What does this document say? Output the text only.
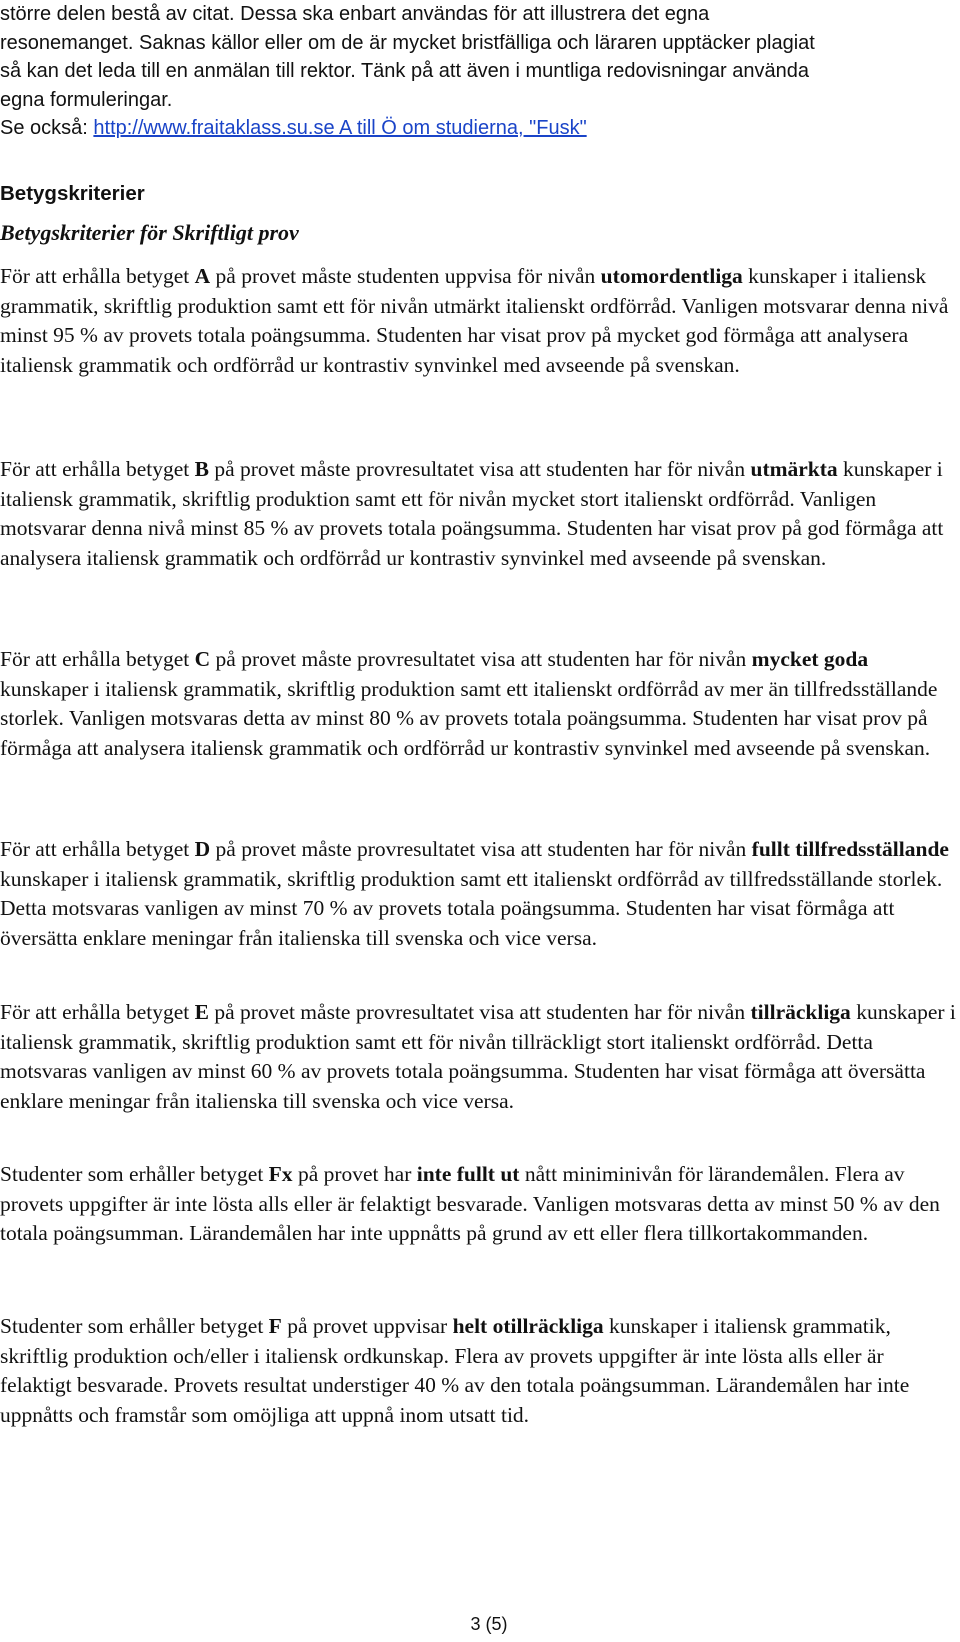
större delen bestå av citat. Dessa ska enbart användas för att illustrera det egna
resonemanget. Saknas källor eller om de är mycket bristfälliga och läraren upptäcker plagiat
så kan det leda till en anmälan till rektor. Tänk på att även i muntliga redovisningar använda
egna formuleringar.
Se också: http://www.fraitaklass.su.se A till Ö om studierna, "Fusk"
Betygskriterier
Betygskriterier för Skriftligt prov

För att erhålla betyget A på provet måste studenten uppvisa för nivån utomordentliga kunskaper i italiensk grammatik, skriftlig produktion samt ett för nivån utmärkt italienskt ordförråd. Vanligen motsvarar denna nivå minst 95 % av provets totala poängsumma. Studenten har visat prov på mycket god förmåga att analysera italiensk grammatik och ordförråd ur kontrastiv synvinkel med avseende på svenskan.

För att erhålla betyget B på provet måste provresultatet visa att studenten har för nivån utmärkta kunskaper i italiensk grammatik, skriftlig produktion samt ett för nivån mycket stort italienskt ordförråd. Vanligen motsvarar denna nivå minst 85 % av provets totala poängsumma. Studenten har visat prov på god förmåga att analysera italiensk grammatik och ordförråd ur kontrastiv synvinkel med avseende på svenskan.

För att erhålla betyget C på provet måste provresultatet visa att studenten har för nivån mycket goda kunskaper i italiensk grammatik, skriftlig produktion samt ett italienskt ordförråd av mer än tillfredsställande storlek. Vanligen motsvaras detta av minst 80 % av provets totala poängsumma. Studenten har visat prov på förmåga att analysera italiensk grammatik och ordförråd ur kontrastiv synvinkel med avseende på svenskan.

För att erhålla betyget D på provet måste provresultatet visa att studenten har för nivån fullt tillfredsställande kunskaper i italiensk grammatik, skriftlig produktion samt ett italienskt ordförråd av tillfredsställande storlek. Detta motsvaras vanligen av minst 70 % av provets totala poängsumma. Studenten har visat förmåga att översätta enklare meningar från italienska till svenska och vice versa.

För att erhålla betyget E på provet måste provresultatet visa att studenten har för nivån tillräckliga kunskaper i italiensk grammatik, skriftlig produktion samt ett för nivån tillräckligt stort italienskt ordförråd. Detta motsvaras vanligen av minst 60 % av provets totala poängsumma. Studenten har visat förmåga att översätta enklare meningar från italienska till svenska och vice versa.

Studenter som erhåller betyget Fx på provet har inte fullt ut nått miniminivån för lärandemålen. Flera av provets uppgifter är inte lösta alls eller är felaktigt besvarade. Vanligen motsvaras detta av minst 50 % av den totala poängsumman. Lärandemålen har inte uppnåtts på grund av ett eller flera tillkortakommanden.

Studenter som erhåller betyget F på provet uppvisar helt otillräckliga kunskaper i italiensk grammatik, skriftlig produktion och/eller i italiensk ordkunskap. Flera av provets uppgifter är inte lösta alls eller är felaktigt besvarade. Provets resultat understiger 40 % av den totala poängsumman. Lärandemålen har inte uppnåtts och framstår som omöjliga att uppnå inom utsatt tid.

3 (5)
